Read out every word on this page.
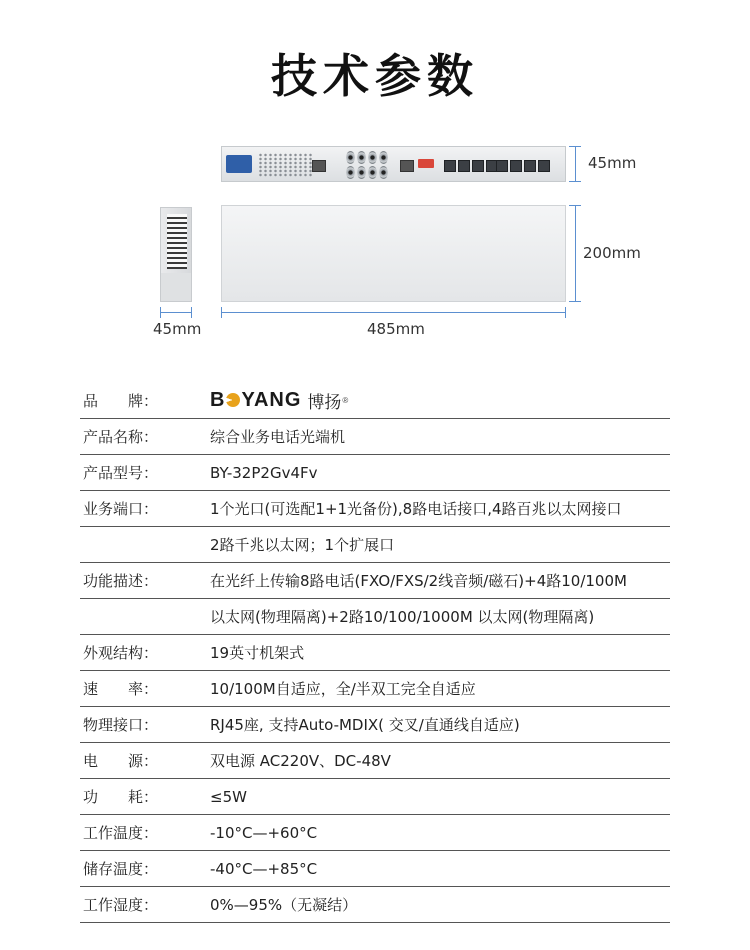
技术参数
45mm
200mm
45mm	485mm
品　　牌：	B YANG 博扬 ®
产品名称：	综合业务电话光端机
产品型号：	BY-32P2Gv4Fv
业务端口：	1个光口(可选配1+1光备份),8路电话接口,4路百兆以太网接口
2路千兆以太网；1个扩展口
功能描述：	在光纤上传输8路电话(FXO/FXS/2线音频/磁石)+4路10/100M
以太网(物理隔离)+2路10/100/1000M 以太网(物理隔离)
外观结构：	19英寸机架式
速　　率：	10/100M自适应，全/半双工完全自适应
物理接口：	RJ45座, 支持Auto-MDIX( 交叉/直通线自适应)
电　　源：	双电源 AC220V、DC-48V
功　　耗：	≤5W
工作温度：	-10°C—+60°C
储存温度：	-40°C—+85°C
工作湿度：	0%—95%（无凝结）
